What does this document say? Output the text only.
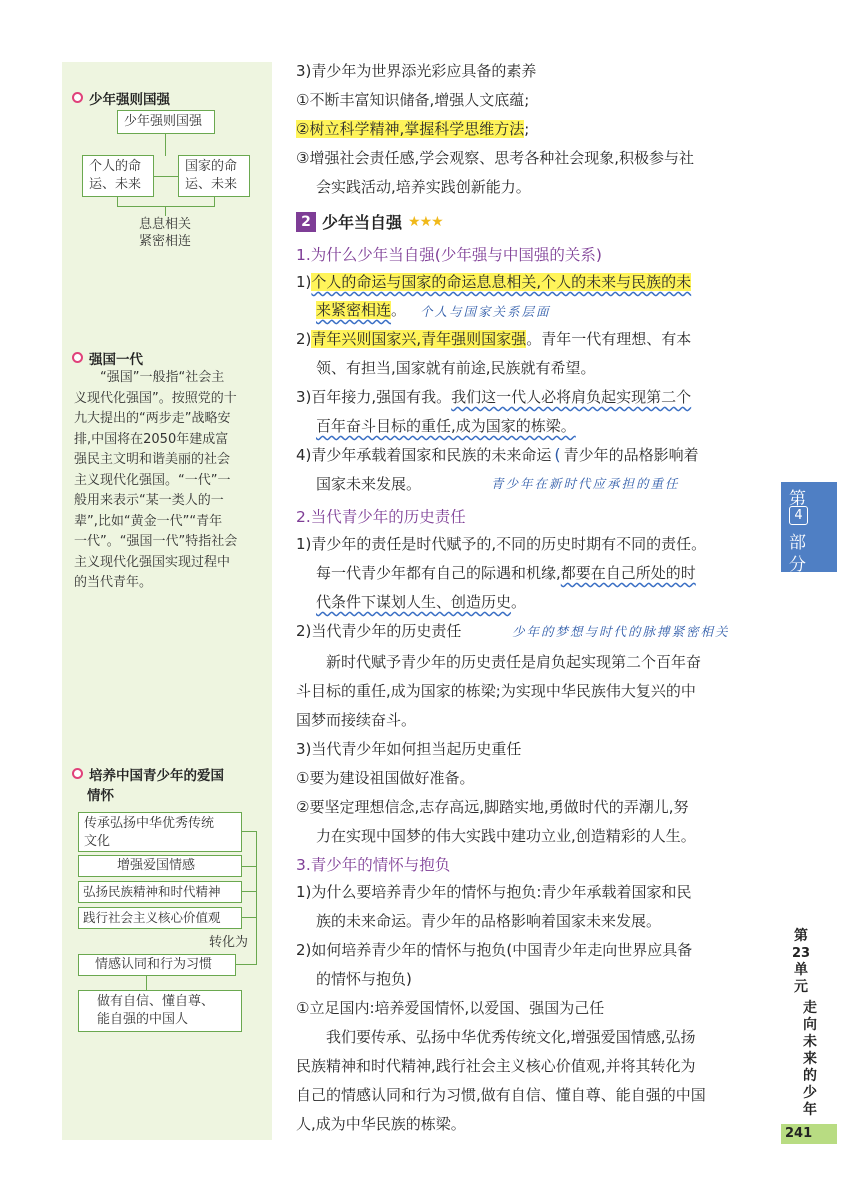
少年强则国强
少年强则国强
个人的命
运、未来
国家的命
运、未来
息息相关
紧密相连
强国一代
“强国”一般指“社会主
义现代化强国”。按照党的十
九大提出的“两步走”战略安
排,中国将在2050年建成富
强民主文明和谐美丽的社会
主义现代化强国。“一代”一
般用来表示“某一类人的一
辈”,比如“黄金一代”“青年
一代”。“强国一代”特指社会
主义现代化强国实现过程中
的当代青年。
培养中国青少年的爱国
情怀
传承弘扬中华优秀传统
文化
增强爱国情感
弘扬民族精神和时代精神
践行社会主义核心价值观
转化为
情感认同和行为习惯
做有自信、懂自尊、
能自强的中国人
3)青少年为世界添光彩应具备的素养
①不断丰富知识储备,增强人文底蕴;
②树立科学精神,掌握科学思维方法;
③增强社会责任感,学会观察、思考各种社会现象,积极参与社
会实践活动,培养实践创新能力。
2 少年当自强 ★★★
1.为什么少年当自强(少年强与中国强的关系)
1)个人的命运与国家的命运息息相关,个人的未来与民族的未
来紧密相连。 个人与国家关系层面
2)青年兴则国家兴,青年强则国家强。青年一代有理想、有本
领、有担当,国家就有前途,民族就有希望。
3)百年接力,强国有我。我们这一代人必将肩负起实现第二个
百年奋斗目标的重任,成为国家的栋梁。
4)青少年承载着国家和民族的未来命运 ( 青少年的品格影响着
国家未来发展。	青少年在新时代应承担的重任
2.当代青少年的历史责任
1)青少年的责任是时代赋予的,不同的历史时期有不同的责任。
每一代青少年都有自己的际遇和机缘,都要在自己所处的时
代条件下谋划人生、创造历史。
2)当代青少年的历史责任	少年的梦想与时代的脉搏紧密相关
新时代赋予青少年的历史责任是肩负起实现第二个百年奋
斗目标的重任,成为国家的栋梁;为实现中华民族伟大复兴的中
国梦而接续奋斗。
3)当代青少年如何担当起历史重任
①要为建设祖国做好准备。
②要坚定理想信念,志存高远,脚踏实地,勇做时代的弄潮儿,努
力在实现中国梦的伟大实践中建功立业,创造精彩的人生。
3.青少年的情怀与抱负
1)为什么要培养青少年的情怀与抱负:青少年承载着国家和民
族的未来命运。青少年的品格影响着国家未来发展。
2)如何培养青少年的情怀与抱负(中国青少年走向世界应具备
的情怀与抱负)
①立足国内:培养爱国情怀,以爱国、强国为己任
我们要传承、弘扬中华优秀传统文化,增强爱国情感,弘扬
民族精神和时代精神,践行社会主义核心价值观,并将其转化为
自己的情感认同和行为习惯,做有自信、懂自尊、能自强的中国
人,成为中华民族的栋梁。
第
4
部
分
第
23
单
元
走
向
未
来
的
少
年
241
